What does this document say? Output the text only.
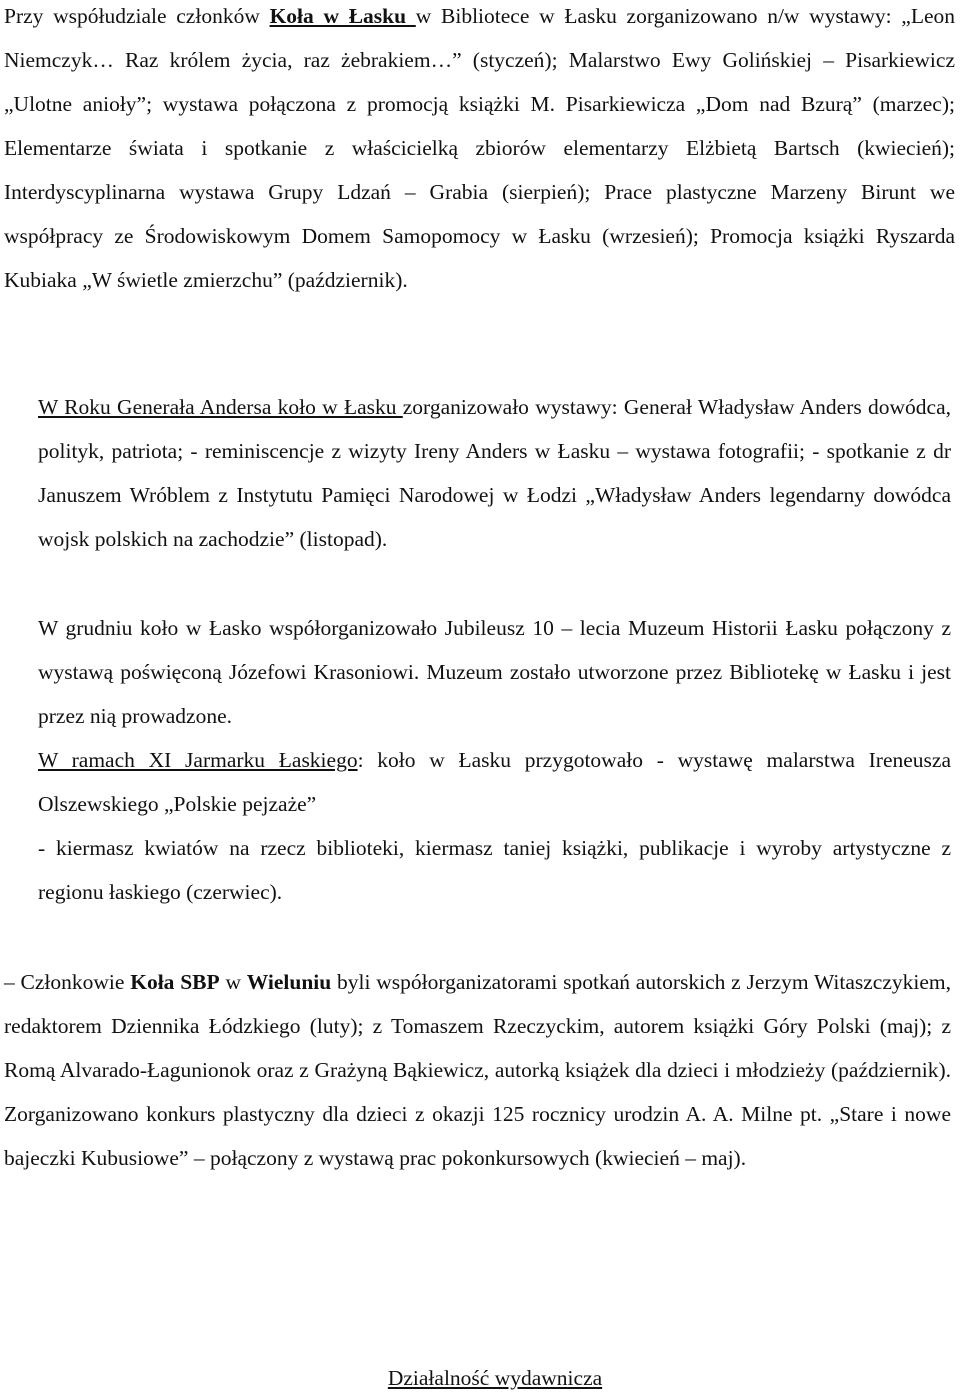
Przy współudziale członków Koła w Łasku w Bibliotece w Łasku zorganizowano n/w wystawy: „Leon Niemczyk… Raz królem życia, raz żebrakiem…” (styczeń); Malarstwo Ewy Golińskiej – Pisarkiewicz „Ulotne anioły”; wystawa połączona z promocją książki M. Pisarkiewicza „Dom nad Bzurą” (marzec); Elementarze świata i spotkanie z właścicielką zbiorów elementarzy Elżbietą Bartsch (kwiecień); Interdyscyplinarna wystawa Grupy Ldzań – Grabia (sierpień); Prace plastyczne Marzeny Birunt we współpracy ze Środowiskowym Domem Samopomocy w Łasku (wrzesień); Promocja książki Ryszarda Kubiaka „W świetle zmierzchu” (październik).

W Roku Generała Andersa koło w Łasku zorganizowało wystawy: Generał Władysław Anders dowódca, polityk, patriota; - reminiscencje z wizyty Ireny Anders w Łasku – wystawa fotografii; - spotkanie z dr Januszem Wróblem z Instytutu Pamięci Narodowej w Łodzi „Władysław Anders legendarny dowódca wojsk polskich na zachodzie” (listopad).

W grudniu koło w Łasko współorganizowało Jubileusz 10 – lecia Muzeum Historii Łasku połączony z wystawą poświęconą Józefowi Krasoniowi. Muzeum zostało utworzone przez Bibliotekę w Łasku i jest przez nią prowadzone.

W ramach XI Jarmarku Łaskiego: koło w Łasku przygotowało - wystawę malarstwa Ireneusza Olszewskiego „Polskie pejzaże”
- kiermasz kwiatów na rzecz biblioteki, kiermasz taniej książki, publikacje i wyroby artystyczne z regionu łaskiego (czerwiec).

– Członkowie Koła SBP w Wieluniu byli współorganizatorami spotkań autorskich z Jerzym Witaszczykiem, redaktorem Dziennika Łódzkiego (luty); z Tomaszem Rzeczyckim, autorem książki Góry Polski (maj); z Romą Alvarado-Łagunionok oraz z Grażyną Bąkiewicz, autorką książek dla dzieci i młodzieży (październik). Zorganizowano konkurs plastyczny dla dzieci z okazji 125 rocznicy urodzin A. A. Milne pt. „Stare i nowe bajeczki Kubusiowe” – połączony z wystawą prac pokonkursowych (kwiecień – maj).

Działalność wydawnicza
